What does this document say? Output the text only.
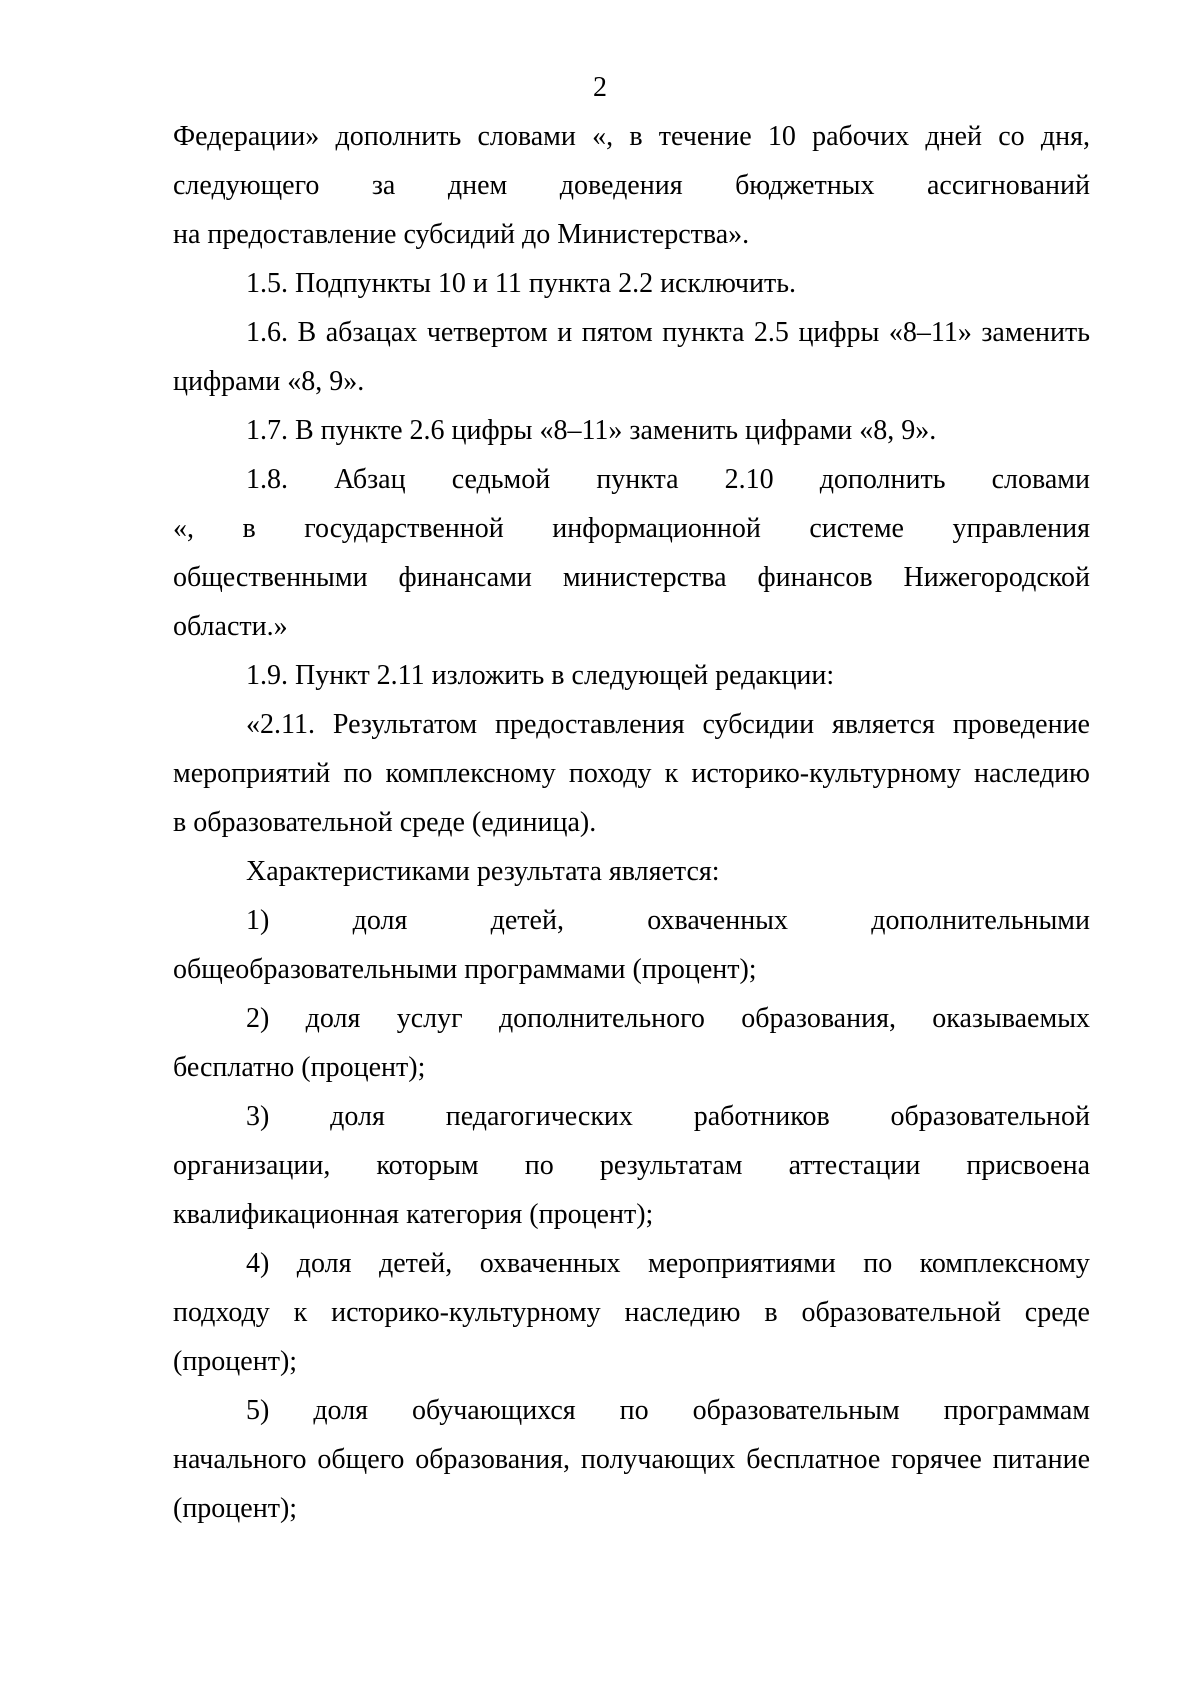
2
Федерации» дополнить словами «, в течение 10 рабочих дней со дня,
следующего за днем доведения бюджетных ассигнований
на предоставление субсидий до Министерства».
1.5. Подпункты 10 и 11 пункта 2.2 исключить.
1.6. В абзацах четвертом и пятом пункта 2.5 цифры «8–11» заменить
цифрами «8, 9».
1.7. В пункте 2.6 цифры «8–11» заменить цифрами «8, 9».
1.8. Абзац седьмой пункта 2.10 дополнить словами
«, в государственной информационной системе управления
общественными финансами министерства финансов Нижегородской
области.»
1.9. Пункт 2.11 изложить в следующей редакции:
«2.11. Результатом предоставления субсидии является проведение
мероприятий по комплексному походу к историко-культурному наследию
в образовательной среде (единица).
Характеристиками результата является:
1)	доля	детей,	охваченных	дополнительными
общеобразовательными программами (процент);
2) доля услуг дополнительного образования, оказываемых
бесплатно (процент);
3) доля педагогических работников образовательной
организации, которым по результатам аттестации присвоена
квалификационная категория (процент);
4) доля детей, охваченных мероприятиями по комплексному
подходу к историко-культурному наследию в образовательной среде
(процент);
5) доля обучающихся по образовательным программам
начального общего образования, получающих бесплатное горячее питание
(процент);
